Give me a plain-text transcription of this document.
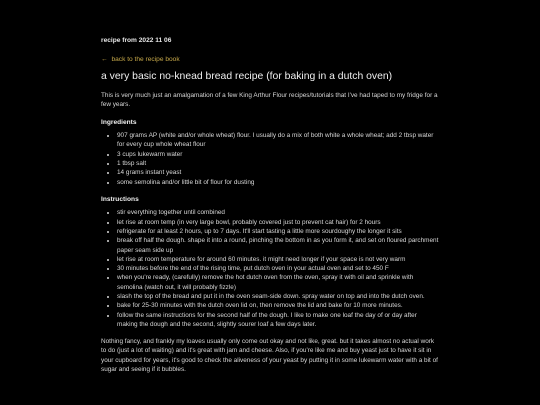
recipe from 2022 11 06
← back to the recipe book
a very basic no-knead bread recipe (for baking in a dutch oven)

This is very much just an amalgamation of a few King Arthur Flour recipes/tutorials that I've had taped to my fridge for a few years.

Ingredients
• 907 grams AP (white and/or whole wheat) flour. I usually do a mix of both white a whole wheat; add 2 tbsp water for every cup whole wheat flour
• 3 cups lukewarm water
• 1 tbsp salt
• 14 grams instant yeast
• some semolina and/or little bit of flour for dusting
Instructions
• stir everything together until combined
• let rise at room temp (in very large bowl, probably covered just to prevent cat hair) for 2 hours
• refrigerate for at least 2 hours, up to 7 days. It'll start tasting a little more sourdoughy the longer it sits
• break off half the dough. shape it into a round, pinching the bottom in as you form it, and set on floured parchment paper seam side up
• let rise at room temperature for around 60 minutes. it might need longer if your space is not very warm
• 30 minutes before the end of the rising time, put dutch oven in your actual oven and set to 450 F
• when you're ready, (carefully) remove the hot dutch oven from the oven, spray it with oil and sprinkle with semolina (watch out, it will probably fizzle)
• slash the top of the bread and put it in the oven seam-side down. spray water on top and into the dutch oven.
• bake for 25-30 minutes with the dutch oven lid on, then remove the lid and bake for 10 more minutes.
• follow the same instructions for the second half of the dough. I like to make one loaf the day of or day after making the dough and the second, slightly sourer loaf a few days later.

Nothing fancy, and frankly my loaves usually only come out okay and not like, great. but it takes almost no actual work to do (just a lot of waiting) and it's great with jam and cheese. Also, if you're like me and buy yeast just to have it sit in your cupboard for years, it's good to check the aliveness of your yeast by putting it in some lukewarm water with a bit of sugar and seeing if it bubbles.
